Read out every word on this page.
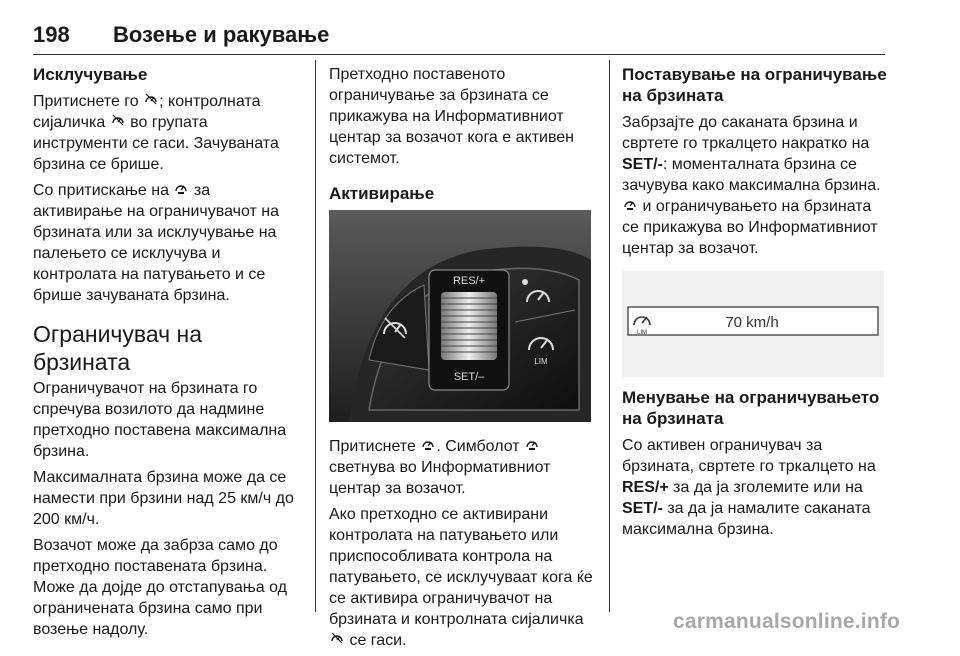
198 Возење и ракување
Исклучување

Притиснете го ; контролната сијаличка во групата инструменти се гаси. Зачуваната брзина се брише.

Со притискање на за активирање на ограничувачот на брзината или за исклучување на палењето се исклучува и контролата на патувањето и се брише зачуваната брзина.

Ограничувач на брзината

Ограничувачот на брзината го спречува возилото да надмине претходно поставена максимална брзина.

Максималната брзина може да се намести при брзини над 25 км/ч до 200 км/ч.

Возачот може да забрза само до претходно поставената брзина. Може да дојде до отстапувања од ограничената брзина само при возење надолу.

Претходно поставеното ограничување за брзината се прикажува на Информативниот центар за возачот кога е активен системот.

Активирање
RES/+
SET/–
LIM

Притиснете . Симболот светнува во Информативниот центар за возачот.

Ако претходно се активирани контролата на патувањето или приспособливата контрола на патувањето, се исклучуваат кога ќе се активира ограничувачот на брзината и контролната сијаличка  се гаси.

Поставување на ограничување на брзината

Забрзајте до саканата брзина и свртете го тркалцето накратко на SET/-: моменталната брзина се зачувува како максимална брзина.  и ограничувањето на брзината се прикажува во Информативниот центар за возачот.

LIM
70 km/h
Менување на ограничувањето на брзината

Со активен ограничувач за брзината, свртете го тркалцето на RES/+ за да ја зголемите или на SET/- за да ја намалите саканата максимална брзина.

carmanualsonline.info
